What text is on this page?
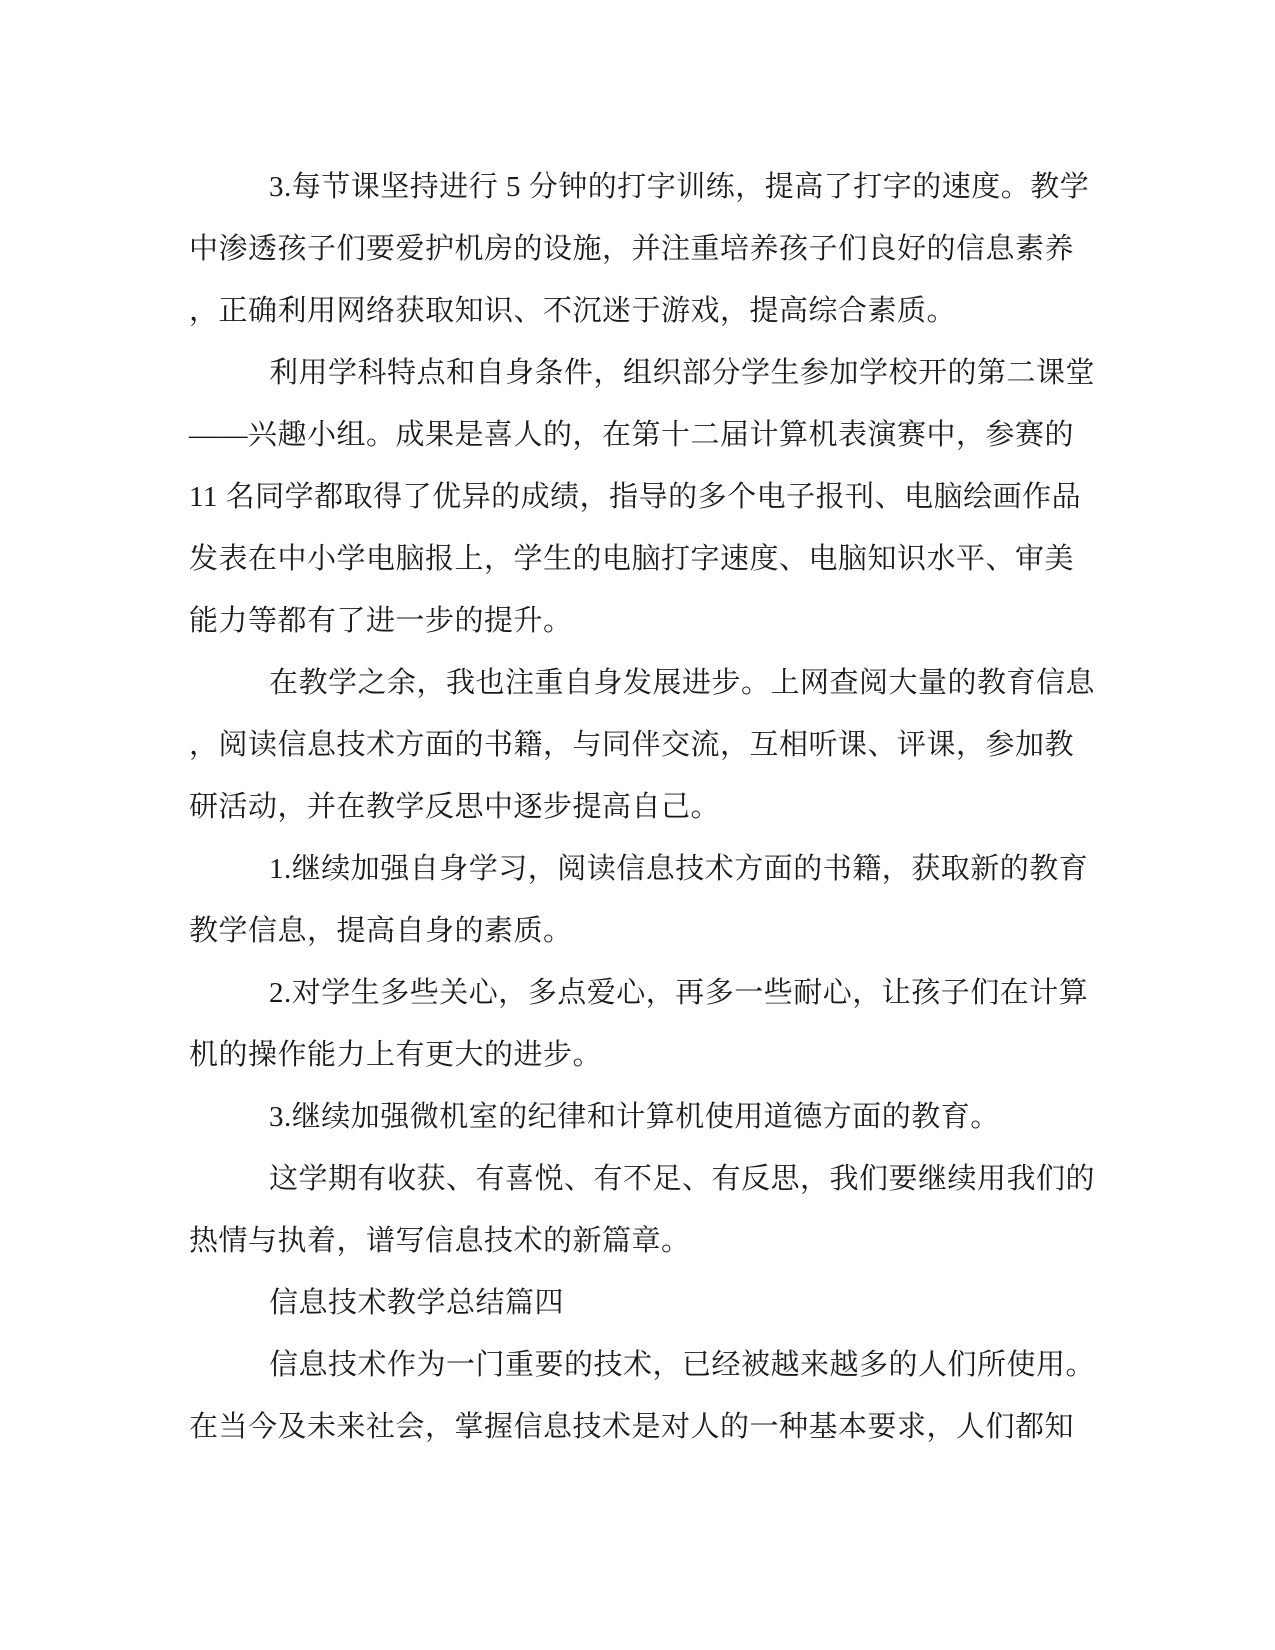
3.每节课坚持进行 5 分钟的打字训练，提高了打字的速度。教学
中渗透孩子们要爱护机房的设施，并注重培养孩子们良好的信息素养
，正确利用网络获取知识、不沉迷于游戏，提高综合素质。
利用学科特点和自身条件，组织部分学生参加学校开的第二课堂
——兴趣小组。成果是喜人的，在第十二届计算机表演赛中，参赛的
11 名同学都取得了优异的成绩，指导的多个电子报刊、电脑绘画作品
发表在中小学电脑报上，学生的电脑打字速度、电脑知识水平、审美
能力等都有了进一步的提升。
在教学之余，我也注重自身发展进步。上网查阅大量的教育信息
，阅读信息技术方面的书籍，与同伴交流，互相听课、评课，参加教
研活动，并在教学反思中逐步提高自己。
1.继续加强自身学习，阅读信息技术方面的书籍，获取新的教育
教学信息，提高自身的素质。
2.对学生多些关心，多点爱心，再多一些耐心，让孩子们在计算
机的操作能力上有更大的进步。
3.继续加强微机室的纪律和计算机使用道德方面的教育。
这学期有收获、有喜悦、有不足、有反思，我们要继续用我们的
热情与执着，谱写信息技术的新篇章。
信息技术教学总结篇四
信息技术作为一门重要的技术，已经被越来越多的人们所使用。
在当今及未来社会，掌握信息技术是对人的一种基本要求，人们都知
